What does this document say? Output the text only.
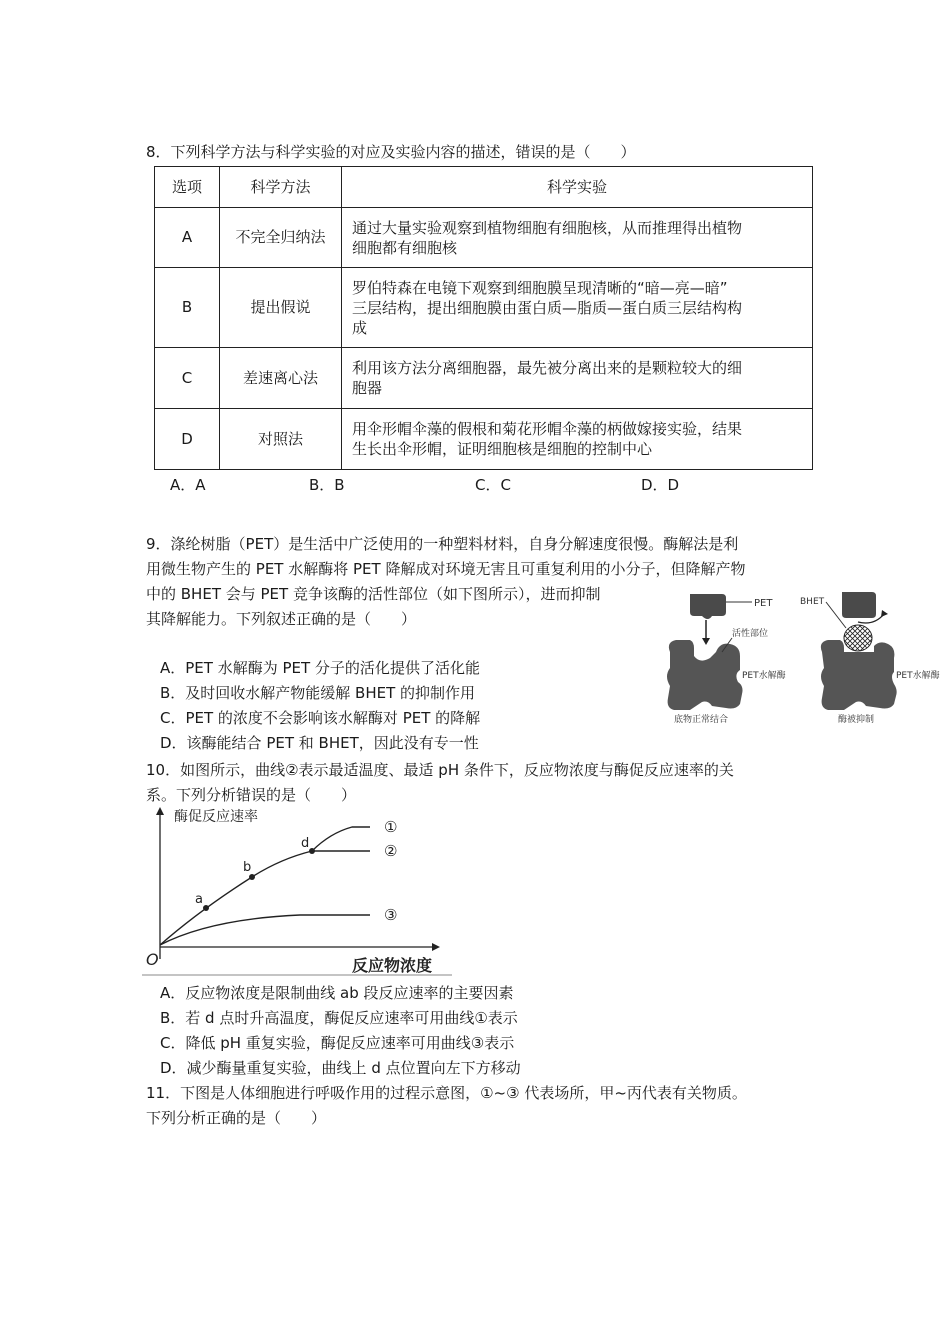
8．下列科学方法与科学实验的对应及实验内容的描述，错误的是（　　）
选项	科学方法	科学实验
A	不完全归纳法	通过大量实验观察到植物细胞有细胞核，从而推理得出植物
细胞都有细胞核

B	提出假说	罗伯特森在电镜下观察到细胞膜呈现清晰的“暗—亮—暗”
三层结构，提出细胞膜由蛋白质—脂质—蛋白质三层结构构
成

C	差速离心法	利用该方法分离细胞器，最先被分离出来的是颗粒较大的细
胞器

D	对照法	用伞形帽伞藻的假根和菊花形帽伞藻的柄做嫁接实验，结果
生长出伞形帽，证明细胞核是细胞的控制中心
A．A	B．B	C．C	D．D
9．涤纶树脂（PET）是生活中广泛使用的一种塑料材料，自身分解速度很慢。酶解法是利
用微生物产生的 PET 水解酶将 PET 降解成对环境无害且可重复利用的小分子，但降解产物
中的 BHET 会与 PET 竞争该酶的活性部位（如下图所示），进而抑制
其降解能力。下列叙述正确的是（　　）
A．PET 水解酶为 PET 分子的活化提供了活化能
B．及时回收水解产物能缓解 BHET 的抑制作用
C．PET 的浓度不会影响该水解酶对 PET 的降解
D．该酶能结合 PET 和 BHET，因此没有专一性
PET
活性部位
PET水解酶
底物正常结合
BHET
PET水解酶
酶被抑制
10．如图所示，曲线②表示最适温度、最适 pH 条件下，反应物浓度与酶促反应速率的关
系。下列分析错误的是（　　）
酶促反应速率
反应物浓度
O
a
b
d
①
②
③
A．反应物浓度是限制曲线 ab 段反应速率的主要因素
B．若 d 点时升高温度，酶促反应速率可用曲线①表示
C．降低 pH 重复实验，酶促反应速率可用曲线③表示
D．减少酶量重复实验，曲线上 d 点位置向左下方移动
11．下图是人体细胞进行呼吸作用的过程示意图，①~③ 代表场所，甲~丙代表有关物质。
下列分析正确的是（　　）
